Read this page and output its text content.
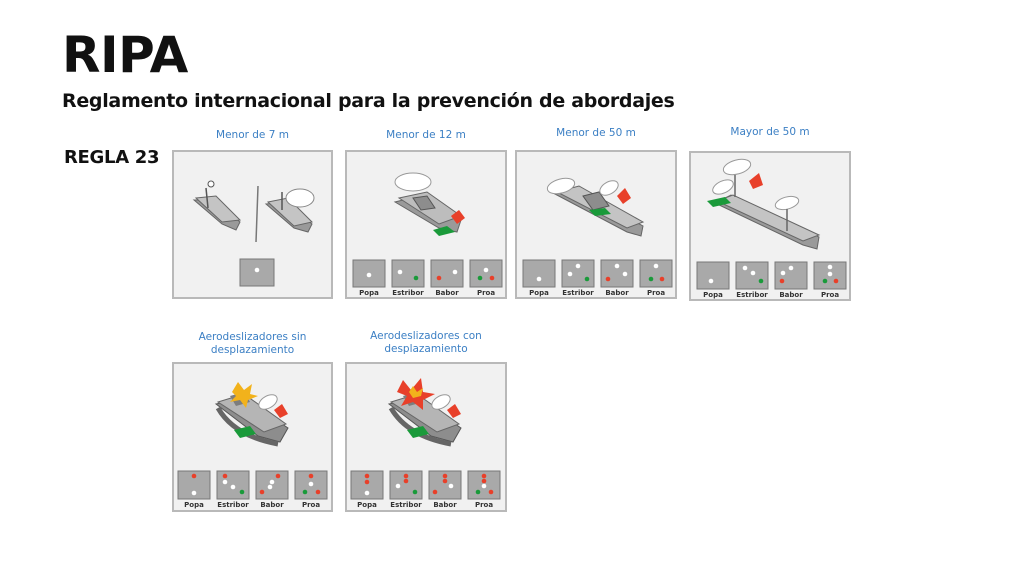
RIPA
Reglamento internacional para la prevención de abordajes
REGLA 23
Menor de 7 m	Menor de 12 m	Menor de 50 m	Mayor de 50 m
Aerodeslizadores sin desplazamiento
Aerodeslizadores con desplazamiento
Popa Estribor Babor	Proa	Popa Estribor Babor	Proa	Popa Estribor Babor	Proa
Popa Estribor Babor	Proa	Popa Estribor Babor	Proa
